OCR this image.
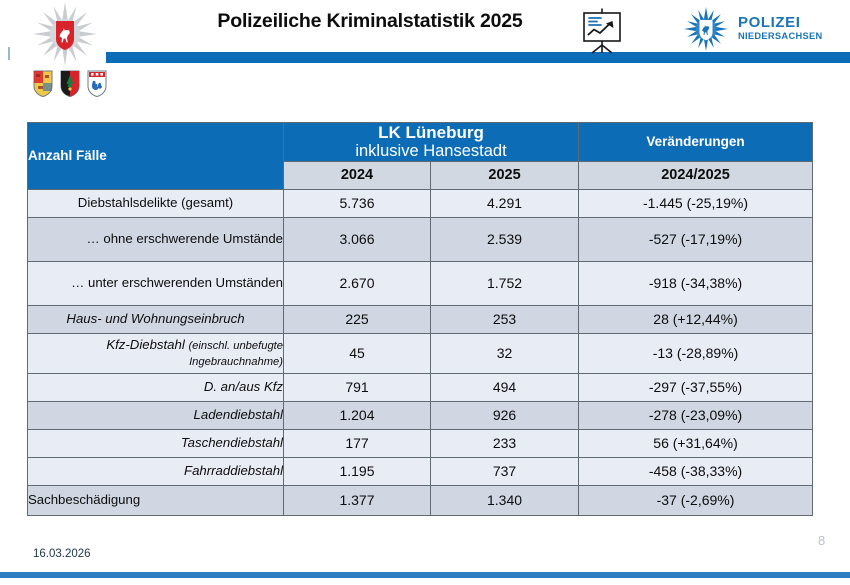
Polizeiliche Kriminalstatistik 2025	POLIZEI
NIEDERSACHSEN
Anzahl Fälle	LK Lüneburg
inklusive Hansestadt		Veränderungen
	2024	2025	2024/2025
Diebstahlsdelikte (gesamt)	5.736	4.291	-1.445 (-25,19%)
… ohne erschwerende Umstände	3.066	2.539	-527 (-17,19%)
… unter erschwerenden Umständen	2.670	1.752	-918 (-34,38%)
Haus- und Wohnungseinbruch	225	253	28 (+12,44%)
Kfz-Diebstahl (einschl. unbefugte Ingebrauchnahme)	45	32	-13 (-28,89%)
D. an/aus Kfz	791	494	-297 (-37,55%)
Ladendiebstahl	1.204	926	-278 (-23,09%)
Taschendiebstahl	177	233	56 (+31,64%)
Fahrraddiebstahl	1.195	737	-458 (-38,33%)
Sachbeschädigung	1.377	1.340	-37 (-2,69%)
16.03.2026
8
